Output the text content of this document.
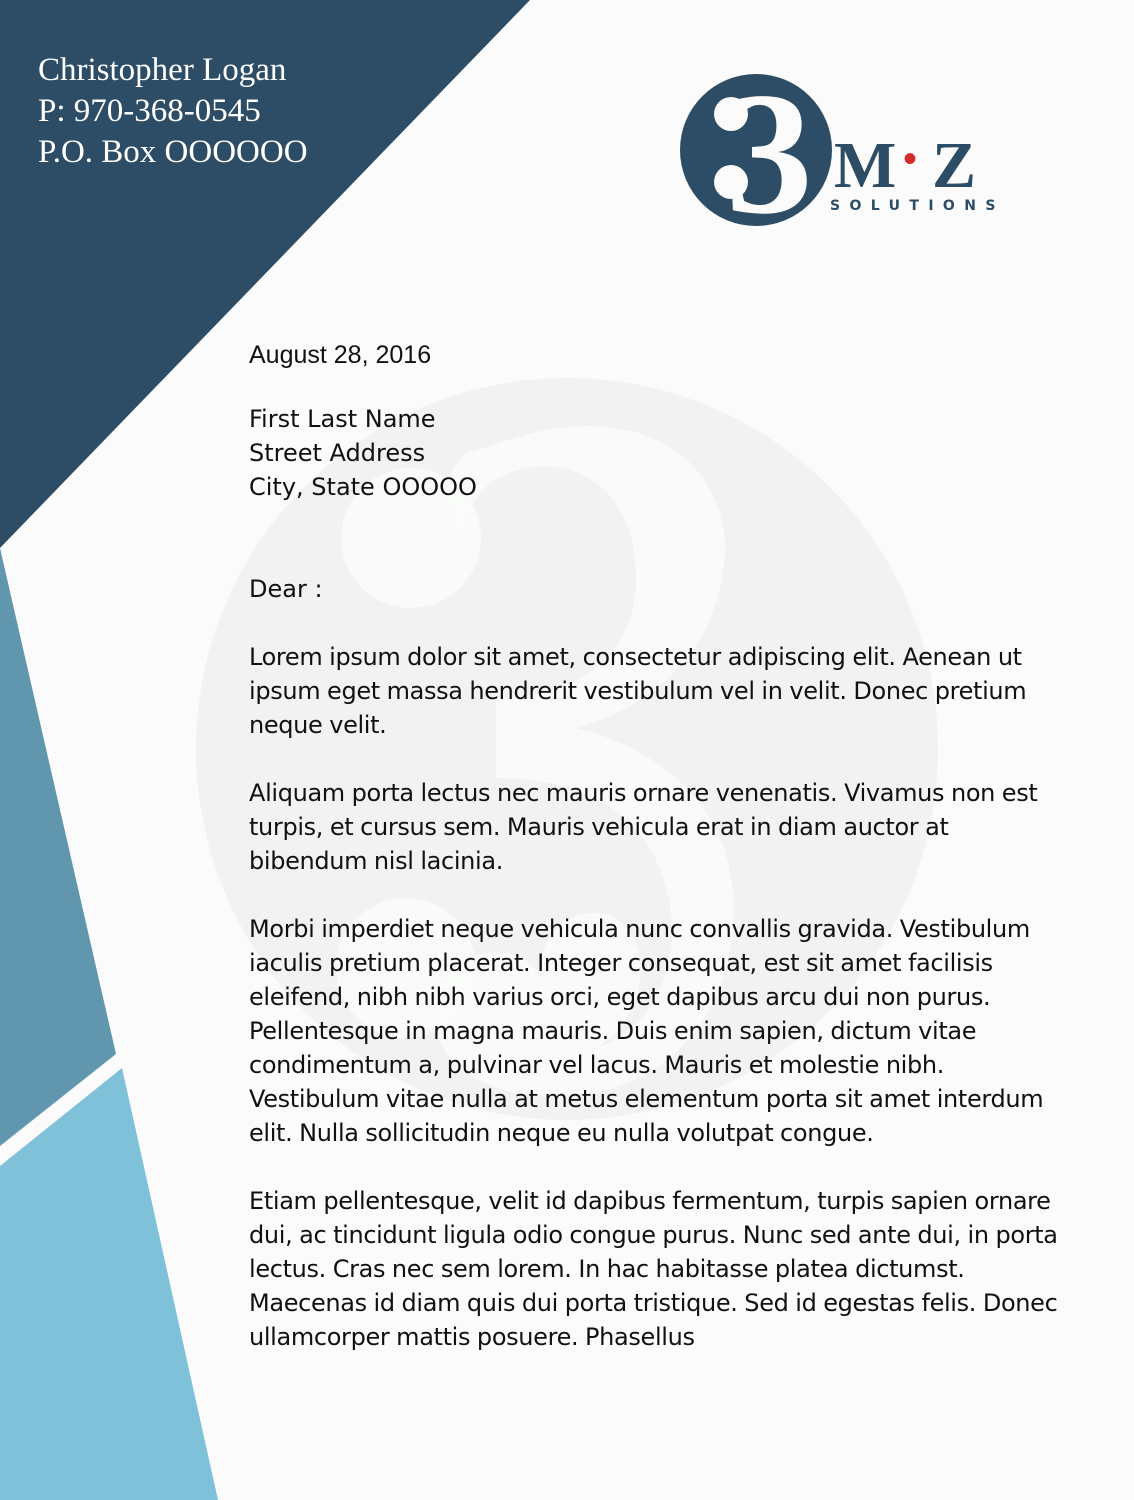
Christopher Logan
P: 970-368-0545
P.O. Box OOOOOO 3 M • Z
SOLUTIONS
August 28, 2016
First Last Name
Street Address
City, State OOOOO
Dear :
Lorem ipsum dolor sit amet, consectetur adipiscing elit. Aenean ut ipsum eget massa hendrerit vestibulum vel in velit. Donec pretium neque velit.
Aliquam porta lectus nec mauris ornare venenatis. Vivamus non est turpis, et cursus sem. Mauris vehicula erat in diam auctor at bibendum nisl lacinia.
Morbi imperdiet neque vehicula nunc convallis gravida. Vestibulum iaculis pretium placerat. Integer consequat, est sit amet facilisis eleifend, nibh nibh varius orci, eget dapibus arcu dui non purus. Pellentesque in magna mauris. Duis enim sapien, dictum vitae condimentum a, pulvinar vel lacus. Mauris et molestie nibh. Vestibulum vitae nulla at metus elementum porta sit amet interdum elit. Nulla sollicitudin neque eu nulla volutpat congue.
Etiam pellentesque, velit id dapibus fermentum, turpis sapien ornare dui, ac tincidunt ligula odio congue purus. Nunc sed ante dui, in porta lectus. Cras nec sem lorem. In hac habitasse platea dictumst. Maecenas id diam quis dui porta tristique. Sed id egestas felis. Donec ullamcorper mattis posuere. Phasellus
